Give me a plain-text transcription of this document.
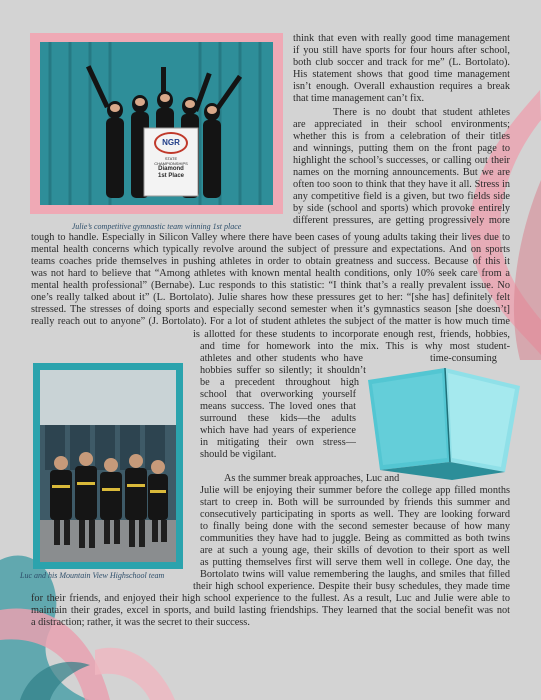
NGR
STATE
CHAMPIONSHIPS
Diamond
1st Place
Julie’s competitive gymnastic team winning 1st place
Luc and his Mountain View Highschool team
think that even with really good time management
if you still have sports for four hours after school,
both club soccer and track for me” (L. Bortolato).
His statement shows that good time management
isn’t enough. Overall exhaustion requires a break
that time management can’t fix.
There is no doubt that student athletes
are appreciated in their school environments;
whether this is from a celebration of their titles
and winnings, putting them on the front page to
highlight the school’s successes, or calling out their
names on the morning announcements. But we are
often too soon to think that they have it all. Stress in
any competitive field is a given, but two fields side
by side (school and sports) which provoke entirely
different pressures, are getting progressively more
tough to handle. Especially in Silicon Valley where there have been cases of young adults taking their lives due to
mental health concerns which typically revolve around the subject of pressure and expectations. And on sports
teams coaches pride themselves in pushing athletes in order to obtain greatness and success. Because of this it
was not hard to believe that “Among athletes with known mental health conditions, only 10% seek care from a
mental health professional” (Bernabe). Luc responds to this statistic: “I think that’s a really prevalent issue. No
one’s really talked about it” (L. Bortolato). Julie shares how these pressures get to her: “[she has] definitely felt
stressed. The stresses of doing sports and especially second semester when it’s gymnastics season [she doesn’t]
really reach out to anyone” (J. Bortolato). For a lot of student athletes the subject of the matter is how much time
is allotted for these students to incorporate enough rest, friends, hobbies,
and time for homework into the mix. This is why most student-
athletes and other students who have	time-consuming
hobbies suffer so silently; it shouldn’t
be a precedent throughout high
school that overworking yourself
means success. The loved ones that
surround these kids—the adults
which have had years of experience
in mitigating their own stress—
should be vigilant.
As the summer break approaches, Luc and
Julie will be enjoying their summer before the college app filled months
start to creep in. Both will be surrounded by friends this summer and
consecutively participating in sports as well. They are looking forward
to finally being done with the second semester because of how many
communities they have had to juggle. Being as committed as both twins
are at such a young age, their skills of devotion to their sport as well
as putting themselves first will serve them well in college. One day, the
Bortolato twins will value remembering the laughs, and smiles that filled
their high school experience. Despite their busy schedules, they made time
for their friends, and enjoyed their high school experience to the fullest. As a result, Luc and Julie were able to
maintain their grades, excel in sports, and build lasting friendships. They learned that the social benefit was not
a distraction; rather, it was the secret to their success.
